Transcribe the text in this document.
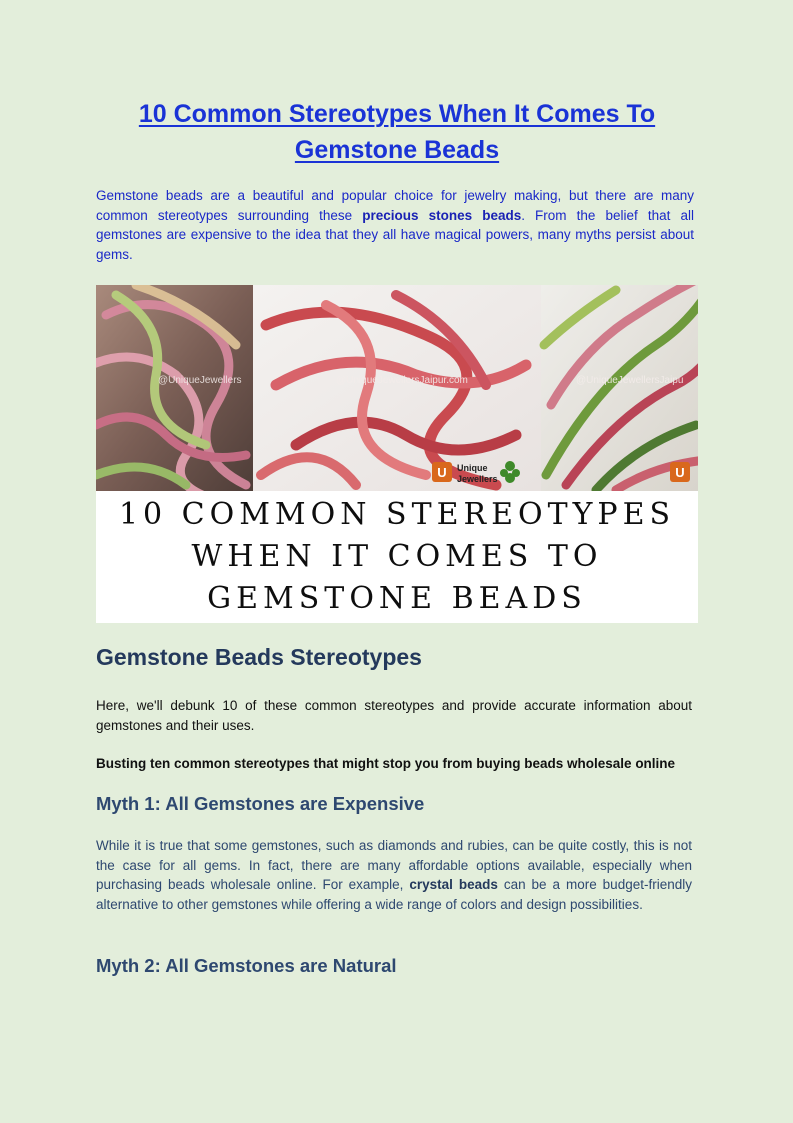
10 Common Stereotypes When It Comes To Gemstone Beads

Gemstone beads are a beautiful and popular choice for jewelry making, but there are many common stereotypes surrounding these precious stones beads. From the belief that all gemstones are expensive to the idea that they all have magical powers, many myths persist about gems.

@UniqueJewellers	@UniqueJewellersJaipur.com	@UniqueJewellersJaipu
U Unique
Jewellers	U
10 COMMON STEREOTYPES WHEN IT COMES TO GEMSTONE BEADS
Gemstone Beads Stereotypes

Here, we'll debunk 10 of these common stereotypes and provide accurate information about gemstones and their uses.

Busting ten common stereotypes that might stop you from buying beads wholesale online

Myth 1: All Gemstones are Expensive

While it is true that some gemstones, such as diamonds and rubies, can be quite costly, this is not the case for all gems. In fact, there are many affordable options available, especially when purchasing beads wholesale online. For example, crystal beads can be a more budget-friendly alternative to other gemstones while offering a wide range of colors and design possibilities.

Myth 2: All Gemstones are Natural
